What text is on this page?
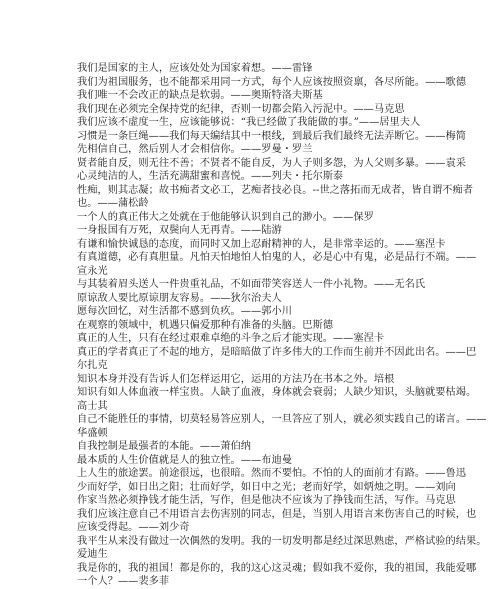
我们是国家的主人，应该处处为国家着想。——雷锋
我们为祖国服务，也不能都采用同一方式，每个人应该按照资禀，各尽所能。——歌德
我们唯一不会改正的缺点是软弱。——奥斯特洛夫斯基
我们现在必须完全保持党的纪律，否则一切都会陷入污泥中。——马克思
我们应该不虚度一生，应该能够说：“我已经做了我能做的事。”——居里夫人
习惯是一条巨绳——我们每天编结其中一根线，到最后我们最终无法弄断它。——梅简
先相信自己，然后别人才会相信你。——罗曼・罗兰
贤者能自反，则无往不善；不贤者不能自反，为人子则多怨，为人父则多暴。——袁采
心灵纯洁的人，生活充满甜蜜和喜悦。——列夫・托尔斯泰
性痴，则其志凝；故书痴者文必工，艺痴者技必良。--世之落拓而无成者，皆自谓不痴者
也。——蒲松龄
一个人的真正伟大之处就在于他能够认识到自己的渺小。——保罗
一身报国有万死，双鬓向人无再青。——陆游
有谦和愉快诚恳的态度，而同时又加上忍耐精神的人，是非常幸运的。——塞涅卡
有真道德，必有真胆量。凡怕天怕地怕人怕鬼的人，必是心中有鬼，必是品行不端。——
宣永光
与其装着眉头送人一件贵重礼品，不如面带笑容送人一件小礼物。——无名氏
原谅敌人要比原谅朋友容易。——狄尔治夫人
愿每次回忆，对生活都不感到负疚。——郭小川
在观察的领域中，机遇只偏爱那种有准备的头脑。巴斯德
真正的人生，只有在经过艰难卓绝的斗争之后才能实现。——塞涅卡
真正的学者真正了不起的地方，是暗暗做了许多伟大的工作而生前并不因此出名。——巴
尔扎克
知识本身并没有告诉人们怎样运用它，运用的方法乃在书本之外。培根
知识有如人体血液一样宝贵。人缺了血液，身体就会衰弱；人缺少知识，头脑就要枯竭。
高士其
自己不能胜任的事情，切莫轻易答应别人，一旦答应了别人，就必须实践自己的诺言。——
华盛顿
自我控制是最强者的本能。——萧伯纳
最本质的人生价值就是人的独立性。——布迪曼
上人生的旅途罢。前途很远，也很暗。然而不要怕。不怕的人的面前才有路。——鲁迅
少而好学，如日出之阳；壮而好学，如日中之光；老而好学，如炳烛之明。——刘向
作家当然必须挣钱才能生活，写作，但是他决不应该为了挣钱而生活，写作。马克思
我们应该注意自己不用语言去伤害别的同志，但是，当别人用语言来伤害自己的时候，也
应该受得起。——刘少奇
我平生从来没有做过一次偶然的发明。我的一切发明都是经过深思熟虑，严格试验的结果。
爱迪生
我是你的，我的祖国！都是你的，我的这心这灵魂；假如我不爱你，我的祖国，我能爱哪
一个人？——裴多菲
